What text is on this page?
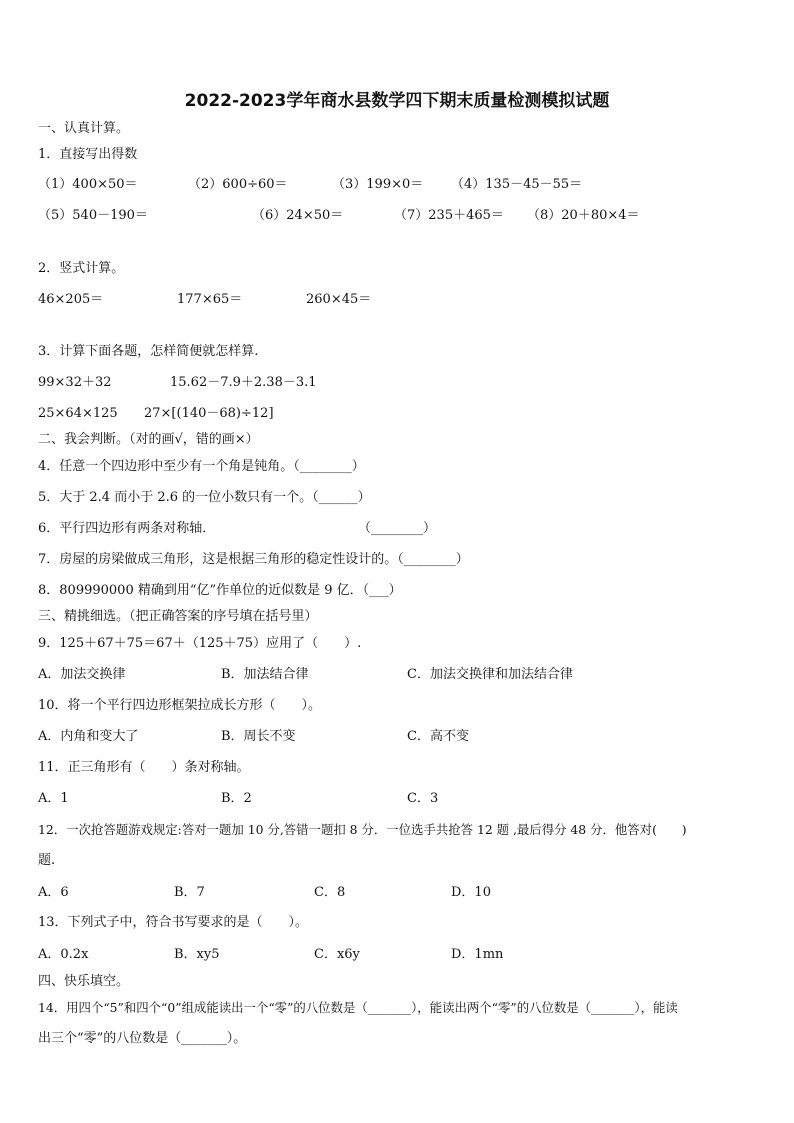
2022-2023学年商水县数学四下期末质量检测模拟试题
一、认真计算。
1．直接写出得数
（1）400×50＝	（2）600÷60＝	（3）199×0＝ （4）135－45－55＝
（5）540－190＝	（6）24×50＝	（7）235＋465＝ （8）20＋80×4＝
2．竖式计算。
46×205＝	177×65＝	260×45＝
3．计算下面各题，怎样简便就怎样算.
99×32＋32	15.62－7.9＋2.38－3.1
25×64×125 27×[(140－68)÷12]
二、我会判断。（对的画√，错的画×）
4．任意一个四边形中至少有一个角是钝角。（________）
5．大于 2.4 而小于 2.6 的一位小数只有一个。（______）
6．平行四边形有两条对称轴．	（________）
7．房屋的房梁做成三角形，这是根据三角形的稳定性设计的。（________）
8．809990000 精确到用“亿”作单位的近似数是 9 亿．（___）
三、精挑细选。（把正确答案的序号填在括号里）
9．125＋67＋75＝67＋（125＋75）应用了（　　）.
A．加法交换律	B．加法结合律	C．加法交换律和加法结合律
10．将一个平行四边形框架拉成长方形（　　）。
A．内角和变大了	B．周长不变	C．高不变
11．正三角形有（　　）条对称轴。
A．1	B．2	C．3
12．一次抢答题游戏规定:答对一题加 10 分,答错一题扣 8 分．一位选手共抢答 12 题 ,最后得分 48 分．他答对(　　)
题.
A．6	B．7	C．8	D．10
13．下列式子中，符合书写要求的是（　　）。
A．0.2x	B．xy5	C．x6y	D．1mn
四、快乐填空。
14．用四个“5”和四个“0”组成能读出一个“零”的八位数是（_______），能读出两个“零”的八位数是（_______），能读
出三个“零”的八位数是（_______）。
